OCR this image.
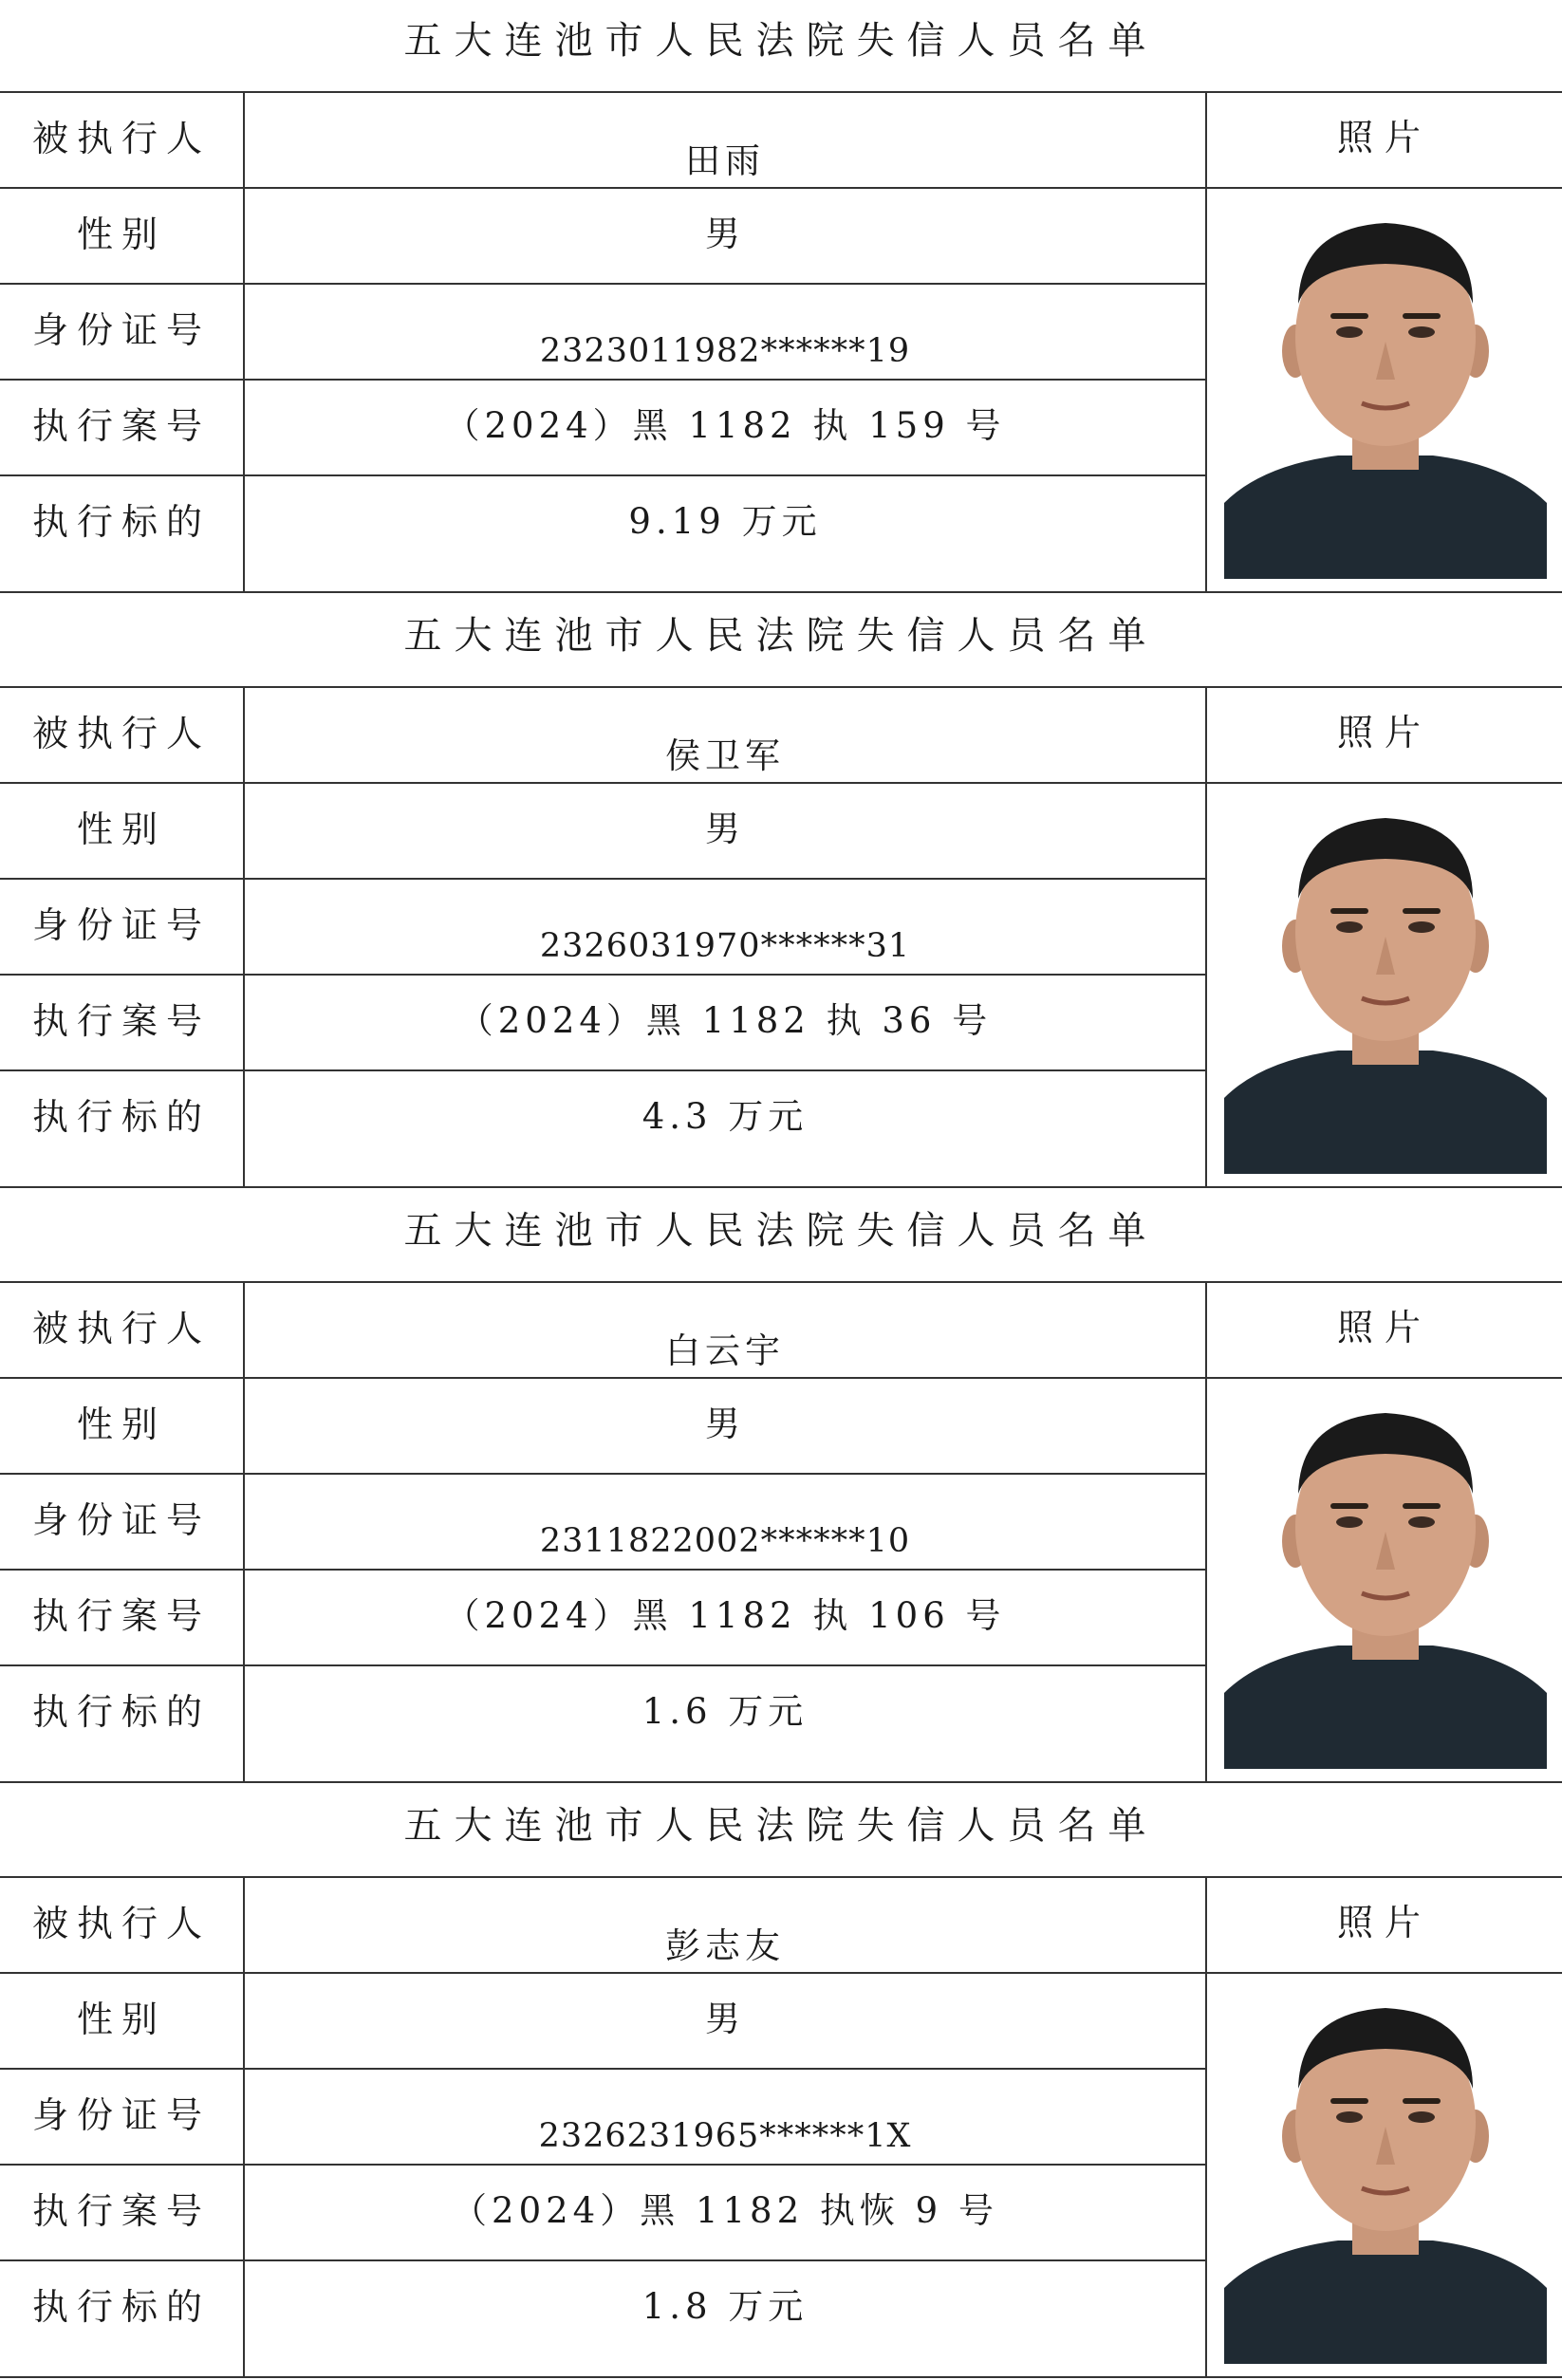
五大连池市人民法院失信人员名单
被执行人
性别
身份证号
执行案号
执行标的
田雨
男
2323011982******19
（2024）黑 1182 执 159 号
9.19 万元
照片
五大连池市人民法院失信人员名单
被执行人
性别
身份证号
执行案号
执行标的
侯卫军
男
2326031970******31
（2024）黑 1182 执 36 号
4.3 万元
照片
五大连池市人民法院失信人员名单
被执行人
性别
身份证号
执行案号
执行标的
白云宇
男
2311822002******10
（2024）黑 1182 执 106 号
1.6 万元
照片
五大连池市人民法院失信人员名单
被执行人
性别
身份证号
执行案号
执行标的
彭志友
男
2326231965******1X
（2024）黑 1182 执恢 9 号
1.8 万元
照片
